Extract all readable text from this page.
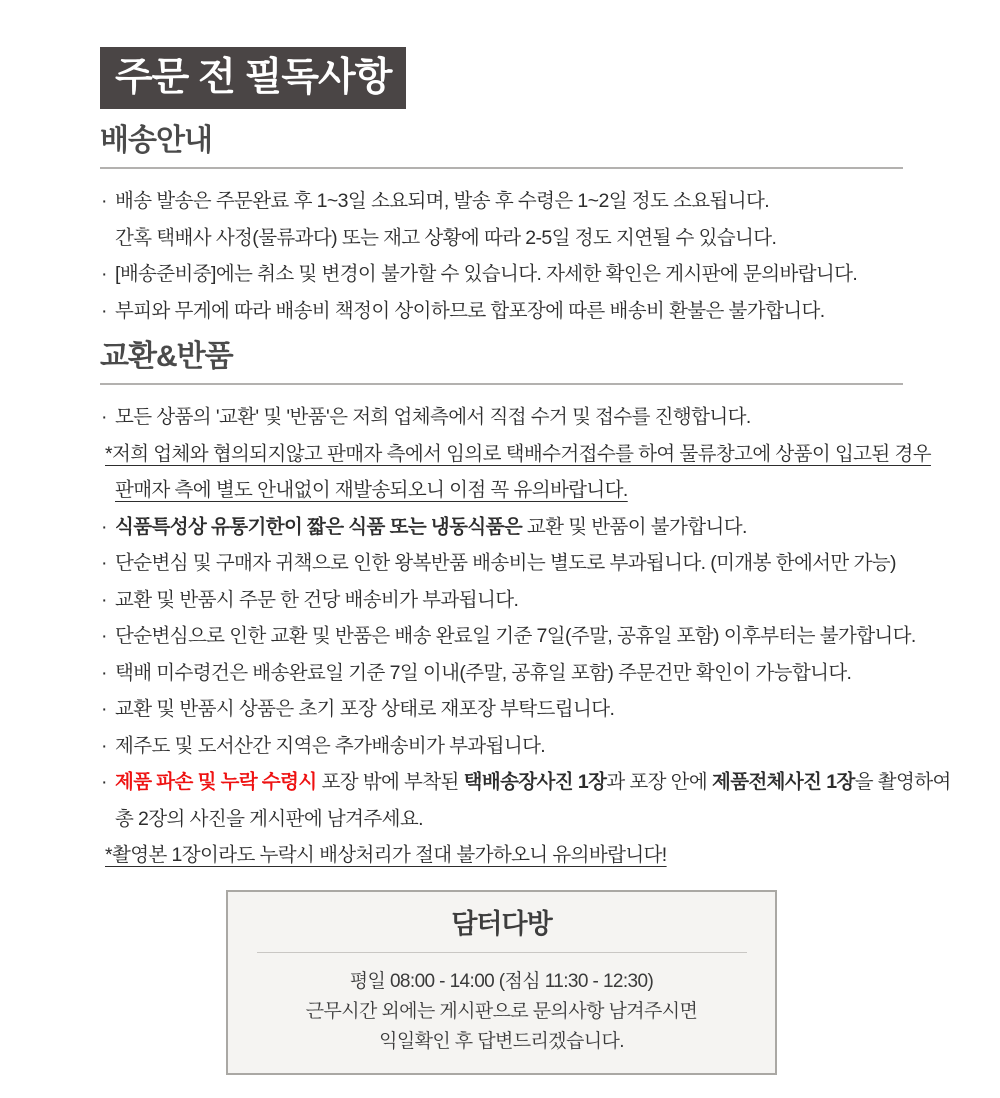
주문 전 필독사항
배송안내
· 배송 발송은 주문완료 후 1~3일 소요되며, 발송 후 수령은 1~2일 정도 소요됩니다.
간혹 택배사 사정(물류과다) 또는 재고 상황에 따라 2-5일 정도 지연될 수 있습니다.
· [배송준비중]에는 취소 및 변경이 불가할 수 있습니다. 자세한 확인은 게시판에 문의바랍니다.
· 부피와 무게에 따라 배송비 책정이 상이하므로 합포장에 따른 배송비 환불은 불가합니다.
교환&반품
· 모든 상품의 '교환' 및 '반품'은 저희 업체측에서 직접 수거 및 접수를 진행합니다.
*저희 업체와 협의되지않고 판매자 측에서 임의로 택배수거접수를 하여 물류창고에 상품이 입고된 경우
판매자 측에 별도 안내없이 재발송되오니 이점 꼭 유의바랍니다.
· 식품특성상 유통기한이 짧은 식품 또는 냉동식품은 교환 및 반품이 불가합니다.
· 단순변심 및 구매자 귀책으로 인한 왕복반품 배송비는 별도로 부과됩니다. (미개봉 한에서만 가능)
· 교환 및 반품시 주문 한 건당 배송비가 부과됩니다.
· 단순변심으로 인한 교환 및 반품은 배송 완료일 기준 7일(주말, 공휴일 포함) 이후부터는 불가합니다.
· 택배 미수령건은 배송완료일 기준 7일 이내(주말, 공휴일 포함) 주문건만 확인이 가능합니다.
· 교환 및 반품시 상품은 초기 포장 상태로 재포장 부탁드립니다.
· 제주도 및 도서산간 지역은 추가배송비가 부과됩니다.
· 제품 파손 및 누락 수령시 포장 밖에 부착된 택배송장사진 1장과 포장 안에 제품전체사진 1장을 촬영하여
총 2장의 사진을 게시판에 남겨주세요.
*촬영본 1장이라도 누락시 배상처리가 절대 불가하오니 유의바랍니다!
담터다방
평일 08:00 - 14:00 (점심 11:30 - 12:30)
근무시간 외에는 게시판으로 문의사항 남겨주시면
익일확인 후 답변드리겠습니다.
